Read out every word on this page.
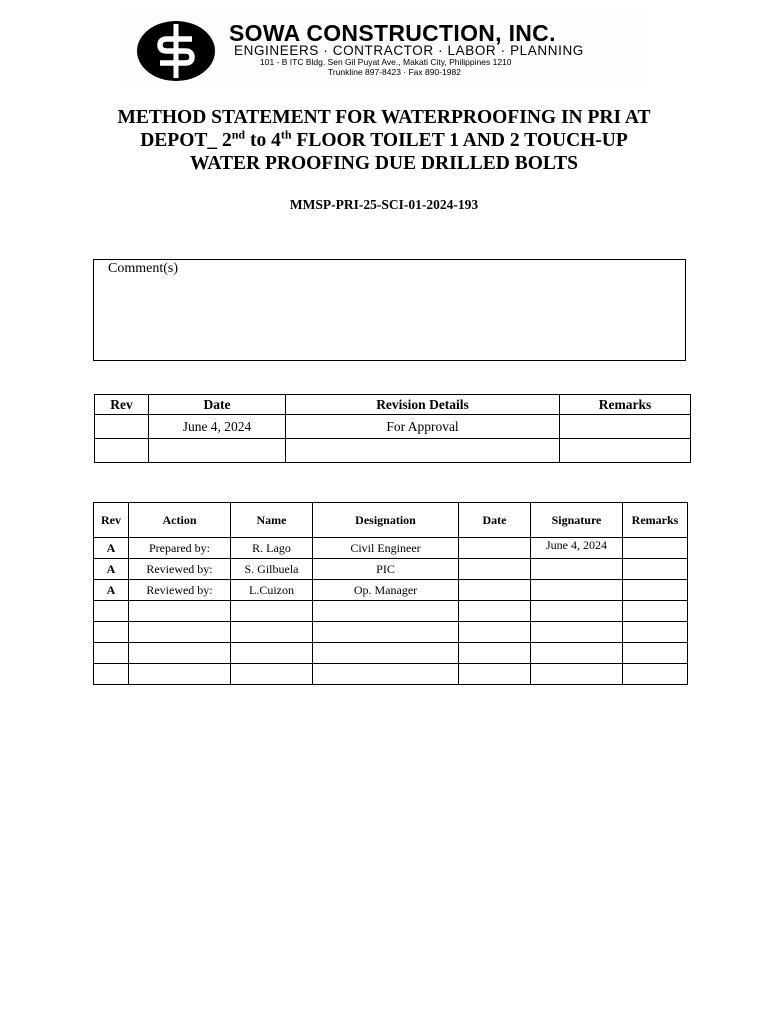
SOWA CONSTRUCTION, INC.
ENGINEERS · CONTRACTOR · LABOR · PLANNING
101 - B ITC Bldg. Sen Gil Puyat Ave., Makati City, Philippines 1210
Trunkline 897-8423 · Fax 890-1982
METHOD STATEMENT FOR WATERPROOFING IN PRI AT
DEPOT_ 2nd to 4th FLOOR TOILET 1 AND 2 TOUCH-UP
WATER PROOFING DUE DRILLED BOLTS
MMSP-PRI-25-SCI-01-2024-193
Comment(s)
Rev	Date	Revision Details	Remarks
	June 4, 2024	For Approval	

Rev	Action	Name	Designation	Date	Signature	Remarks
A	Prepared by:	R. Lago	Civil Engineer		June 4, 2024	
A	Reviewed by:	S. Gilbuela	PIC			
A	Reviewed by:	L.Cuizon	Op. Manager			
